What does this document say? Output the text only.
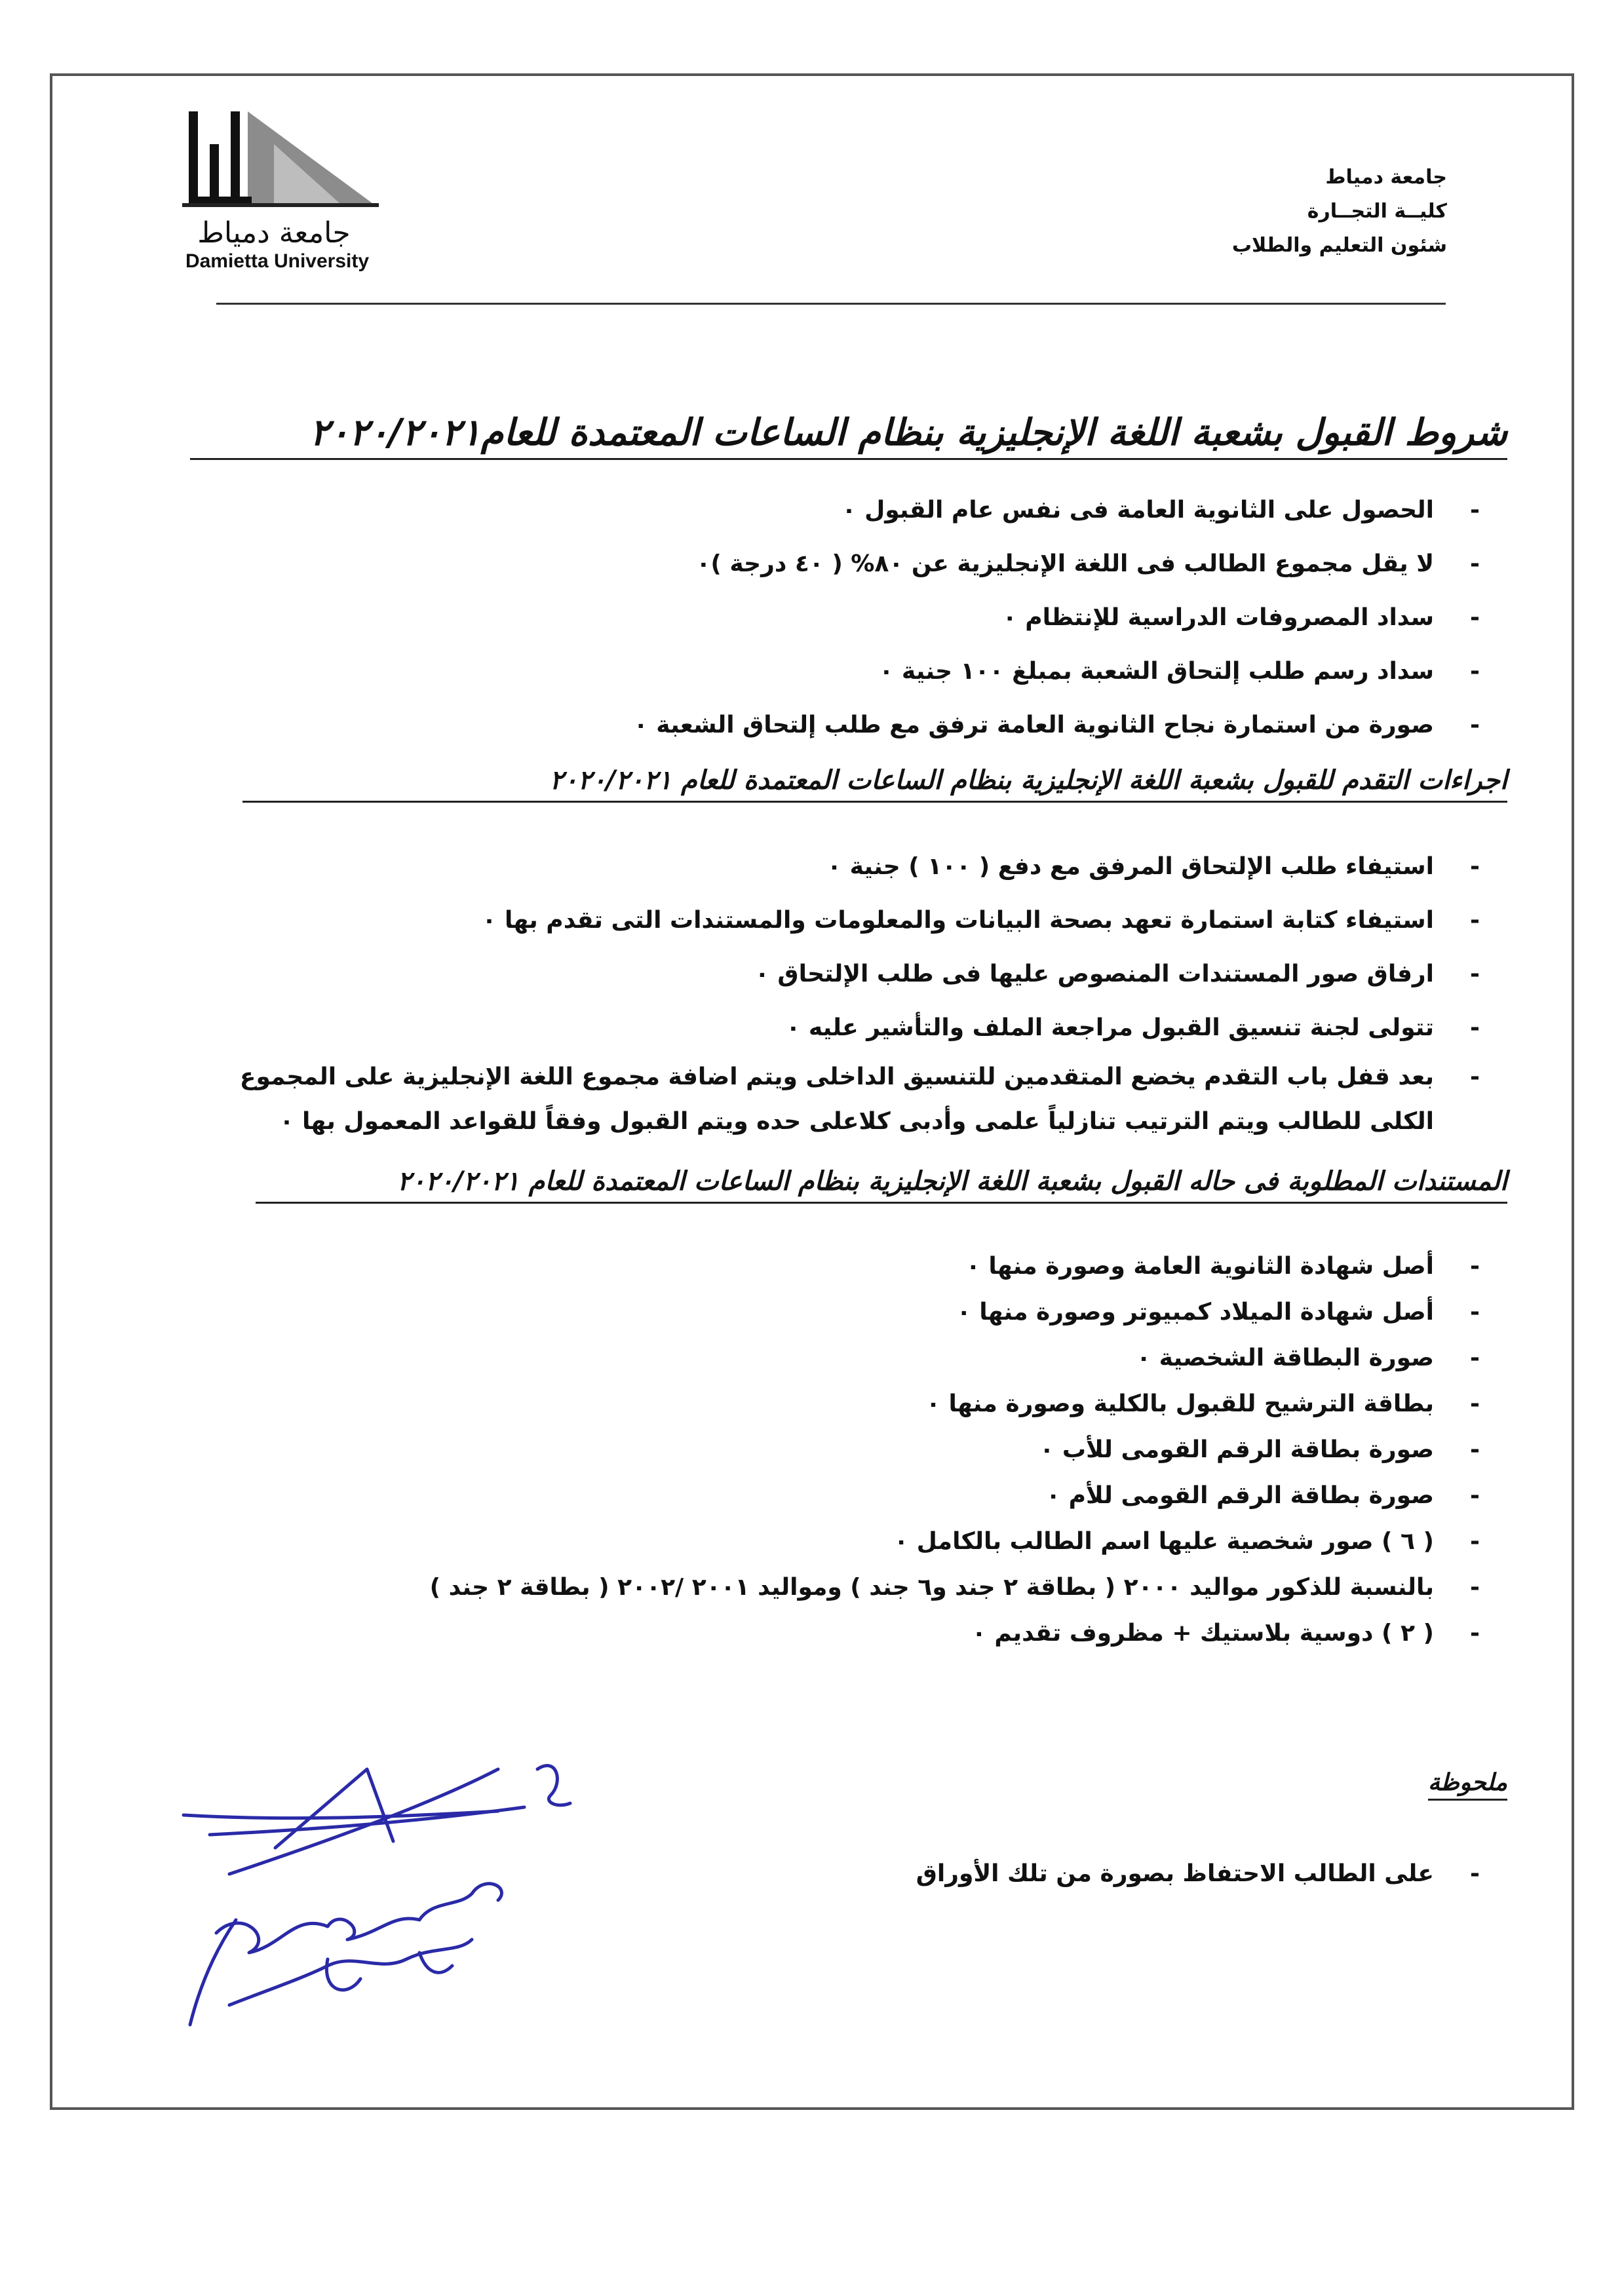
جامعة دمياط
Damietta University
جامعة دمياط
كليــة التجــارة
شئون التعليم والطلاب
شروط القبول بشعبة اللغة الإنجليزية بنظام الساعات المعتمدة للعام٢٠٢٠/٢٠٢١
-
الحصول على الثانوية العامة فى نفس عام القبول ٠
-
لا يقل مجموع الطالب فى اللغة الإنجليزية عن ٨٠% ( ٤٠ درجة )٠
-
سداد المصروفات الدراسية للإنتظام ٠
-
سداد رسم طلب إلتحاق الشعبة بمبلغ ١٠٠ جنية ٠
-
صورة من استمارة نجاح الثانوية العامة ترفق مع طلب إلتحاق الشعبة ٠
اجراءات التقدم للقبول بشعبة اللغة الإنجليزية بنظام الساعات المعتمدة للعام ٢٠٢٠/٢٠٢١
-
استيفاء طلب الإلتحاق المرفق مع دفع ( ١٠٠ ) جنية ٠
-
استيفاء كتابة استمارة تعهد بصحة البيانات والمعلومات والمستندات التى تقدم بها ٠
-
ارفاق صور المستندات المنصوص عليها فى طلب الإلتحاق ٠
-
تتولى لجنة تنسيق القبول مراجعة الملف والتأشير عليه ٠
-
بعد قفل باب التقدم يخضع المتقدمين للتنسيق الداخلى ويتم اضافة مجموع اللغة الإنجليزية على المجموع الكلى للطالب ويتم الترتيب تنازلياً علمى وأدبى كلاعلى حده ويتم القبول وفقاً للقواعد المعمول بها ٠
المستندات المطلوبة فى حاله القبول بشعبة اللغة الإنجليزية بنظام الساعات المعتمدة للعام ٢٠٢٠/٢٠٢١
-
أصل شهادة الثانوية العامة وصورة منها ٠
-
أصل شهادة الميلاد كمبيوتر وصورة منها ٠
-
صورة البطاقة الشخصية ٠
-
بطاقة الترشيح للقبول بالكلية وصورة منها ٠
-
صورة بطاقة الرقم القومى للأب ٠
-
صورة بطاقة الرقم القومى للأم ٠
-
( ٦ ) صور شخصية عليها اسم الطالب بالكامل ٠
-
بالنسبة للذكور مواليد ٢٠٠٠ ( بطاقة ٢ جند و٦ جند ) ومواليد ٢٠٠١ /٢٠٠٢ ( بطاقة ٢ جند )
-
( ٢ ) دوسية بلاستيك + مظروف تقديم ٠
ملحوظة
-
على الطالب الاحتفاظ بصورة من تلك الأوراق
